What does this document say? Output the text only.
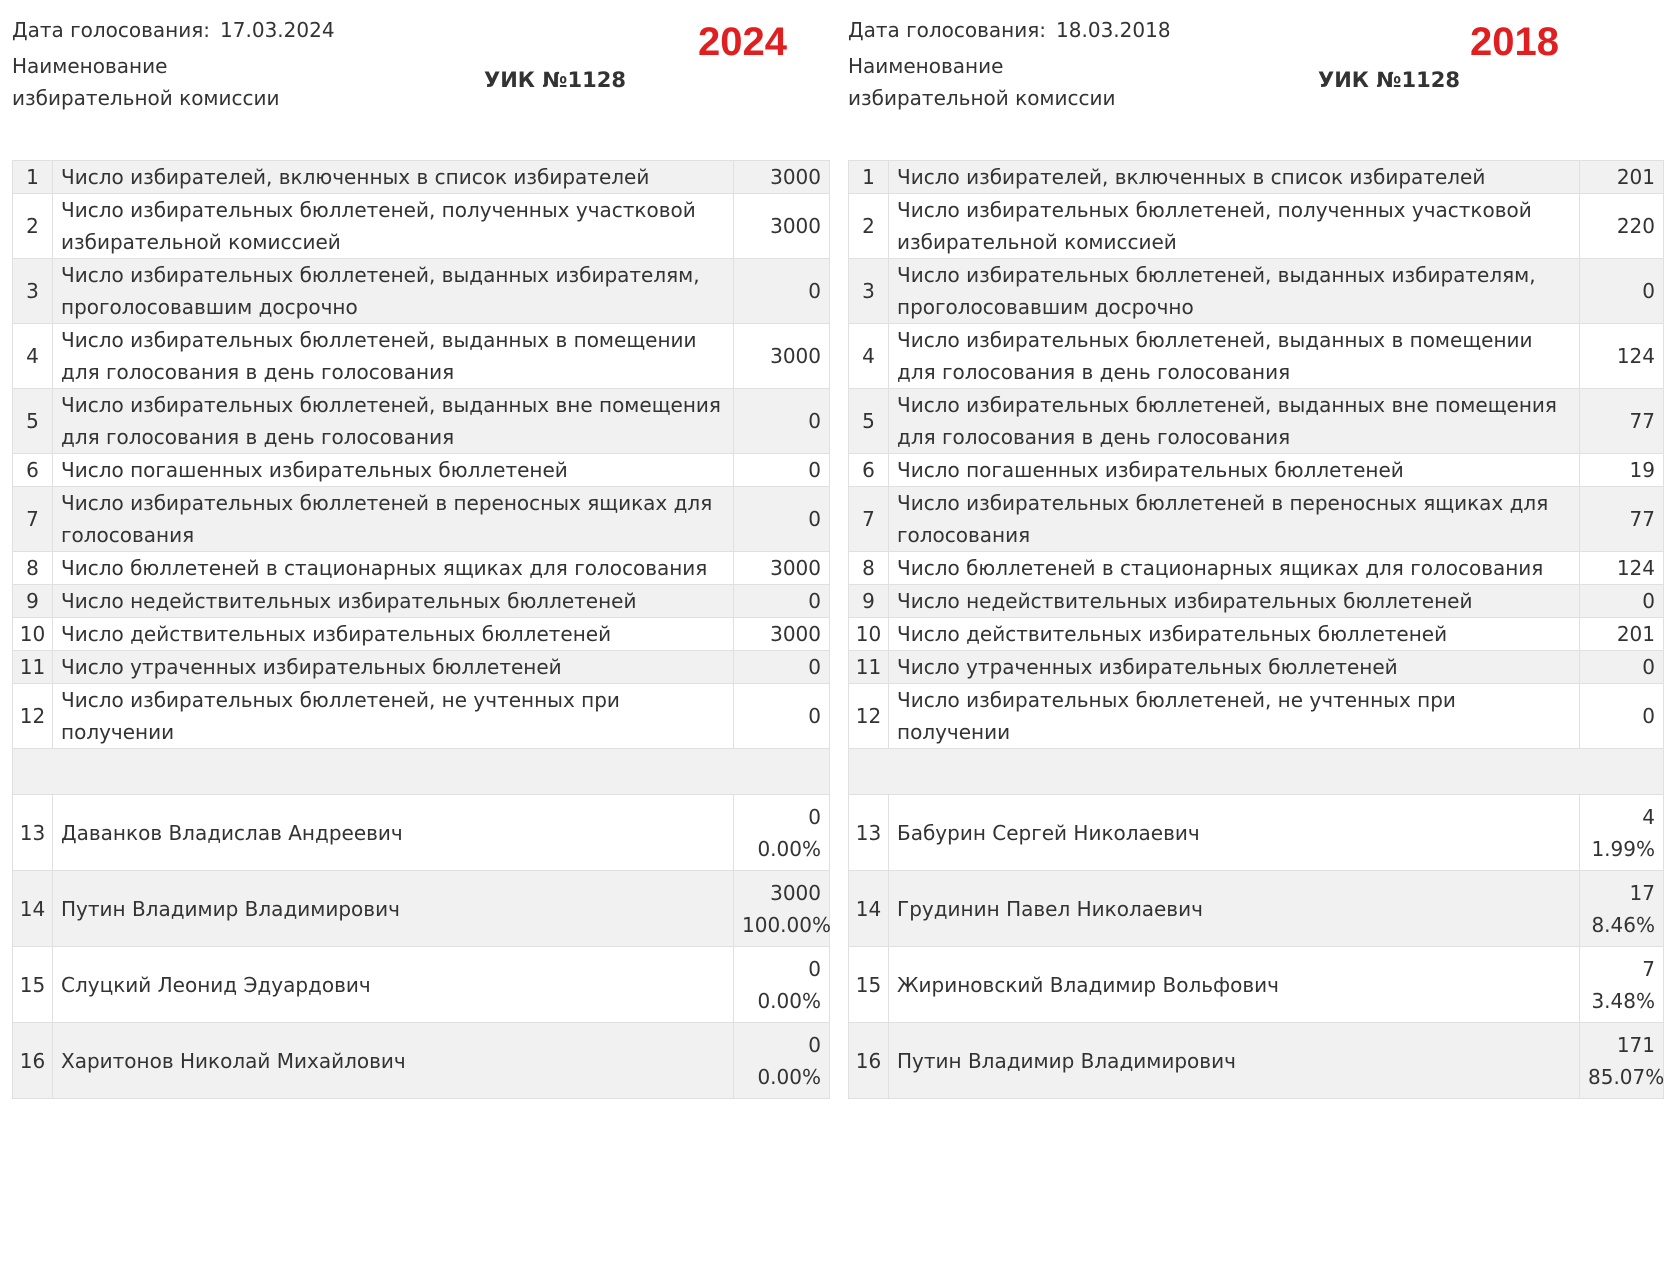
Дата голосования: 17.03.2024
Наименование избирательной комиссии
УИК №1128
2024
1	Число избирателей, включенных в список избирателей	3000
2	Число избирательных бюллетеней, полученных участковой избирательной комиссией	3000
3	Число избирательных бюллетеней, выданных избирателям, проголосовавшим досрочно	0
4	Число избирательных бюллетеней, выданных в помещении для голосования в день голосования	3000
5	Число избирательных бюллетеней, выданных вне помещения для голосования в день голосования	0
6	Число погашенных избирательных бюллетеней	0
7	Число избирательных бюллетеней в переносных ящиках для голосования	0
8	Число бюллетеней в стационарных ящиках для голосования	3000
9	Число недействительных избирательных бюллетеней	0
10	Число действительных избирательных бюллетеней	3000
11	Число утраченных избирательных бюллетеней	0
12	Число избирательных бюллетеней, не учтенных при получении	0

13	Даванков Владислав Андреевич	0
0.00%

14	Путин Владимир Владимирович	3000
100.00%

15	Слуцкий Леонид Эдуардович	0
0.00%

16	Харитонов Николай Михайлович	0
0.00%
Дата голосования: 18.03.2018
Наименование избирательной комиссии
УИК №1128
2018
1	Число избирателей, включенных в список избирателей	201
2	Число избирательных бюллетеней, полученных участковой избирательной комиссией	220
3	Число избирательных бюллетеней, выданных избирателям, проголосовавшим досрочно	0
4	Число избирательных бюллетеней, выданных в помещении для голосования в день голосования	124
5	Число избирательных бюллетеней, выданных вне помещения для голосования в день голосования	77
6	Число погашенных избирательных бюллетеней	19
7	Число избирательных бюллетеней в переносных ящиках для голосования	77
8	Число бюллетеней в стационарных ящиках для голосования	124
9	Число недействительных избирательных бюллетеней	0
10	Число действительных избирательных бюллетеней	201
11	Число утраченных избирательных бюллетеней	0
12	Число избирательных бюллетеней, не учтенных при получении	0

13	Бабурин Сергей Николаевич	4
1.99%

14	Грудинин Павел Николаевич	17
8.46%

15	Жириновский Владимир Вольфович	7
3.48%

16	Путин Владимир Владимирович	171
85.07%
